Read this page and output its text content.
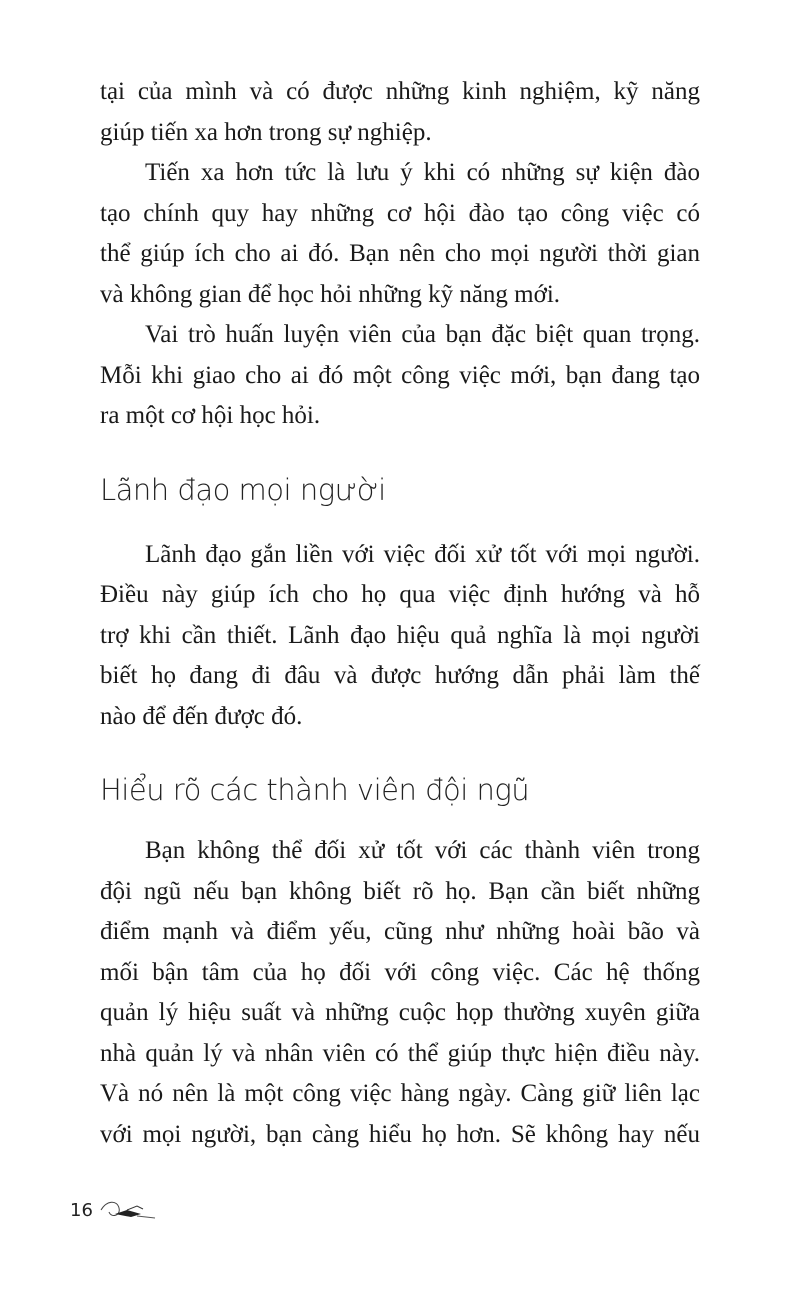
tại của mình và có được những kinh nghiệm, kỹ năng
giúp tiến xa hơn trong sự nghiệp.
Tiến xa hơn tức là lưu ý khi có những sự kiện đào
tạo chính quy hay những cơ hội đào tạo công việc có
thể giúp ích cho ai đó. Bạn nên cho mọi người thời gian
và không gian để học hỏi những kỹ năng mới.
Vai trò huấn luyện viên của bạn đặc biệt quan trọng.
Mỗi khi giao cho ai đó một công việc mới, bạn đang tạo
ra một cơ hội học hỏi.
Lãnh đạo mọi người
Lãnh đạo gắn liền với việc đối xử tốt với mọi người.
Điều này giúp ích cho họ qua việc định hướng và hỗ
trợ khi cần thiết. Lãnh đạo hiệu quả nghĩa là mọi người
biết họ đang đi đâu và được hướng dẫn phải làm thế
nào để đến được đó.
Hiểu rõ các thành viên đội ngũ
Bạn không thể đối xử tốt với các thành viên trong
đội ngũ nếu bạn không biết rõ họ. Bạn cần biết những
điểm mạnh và điểm yếu, cũng như những hoài bão và
mối bận tâm của họ đối với công việc. Các hệ thống
quản lý hiệu suất và những cuộc họp thường xuyên giữa
nhà quản lý và nhân viên có thể giúp thực hiện điều này.
Và nó nên là một công việc hàng ngày. Càng giữ liên lạc
với mọi người, bạn càng hiểu họ hơn. Sẽ không hay nếu
16
